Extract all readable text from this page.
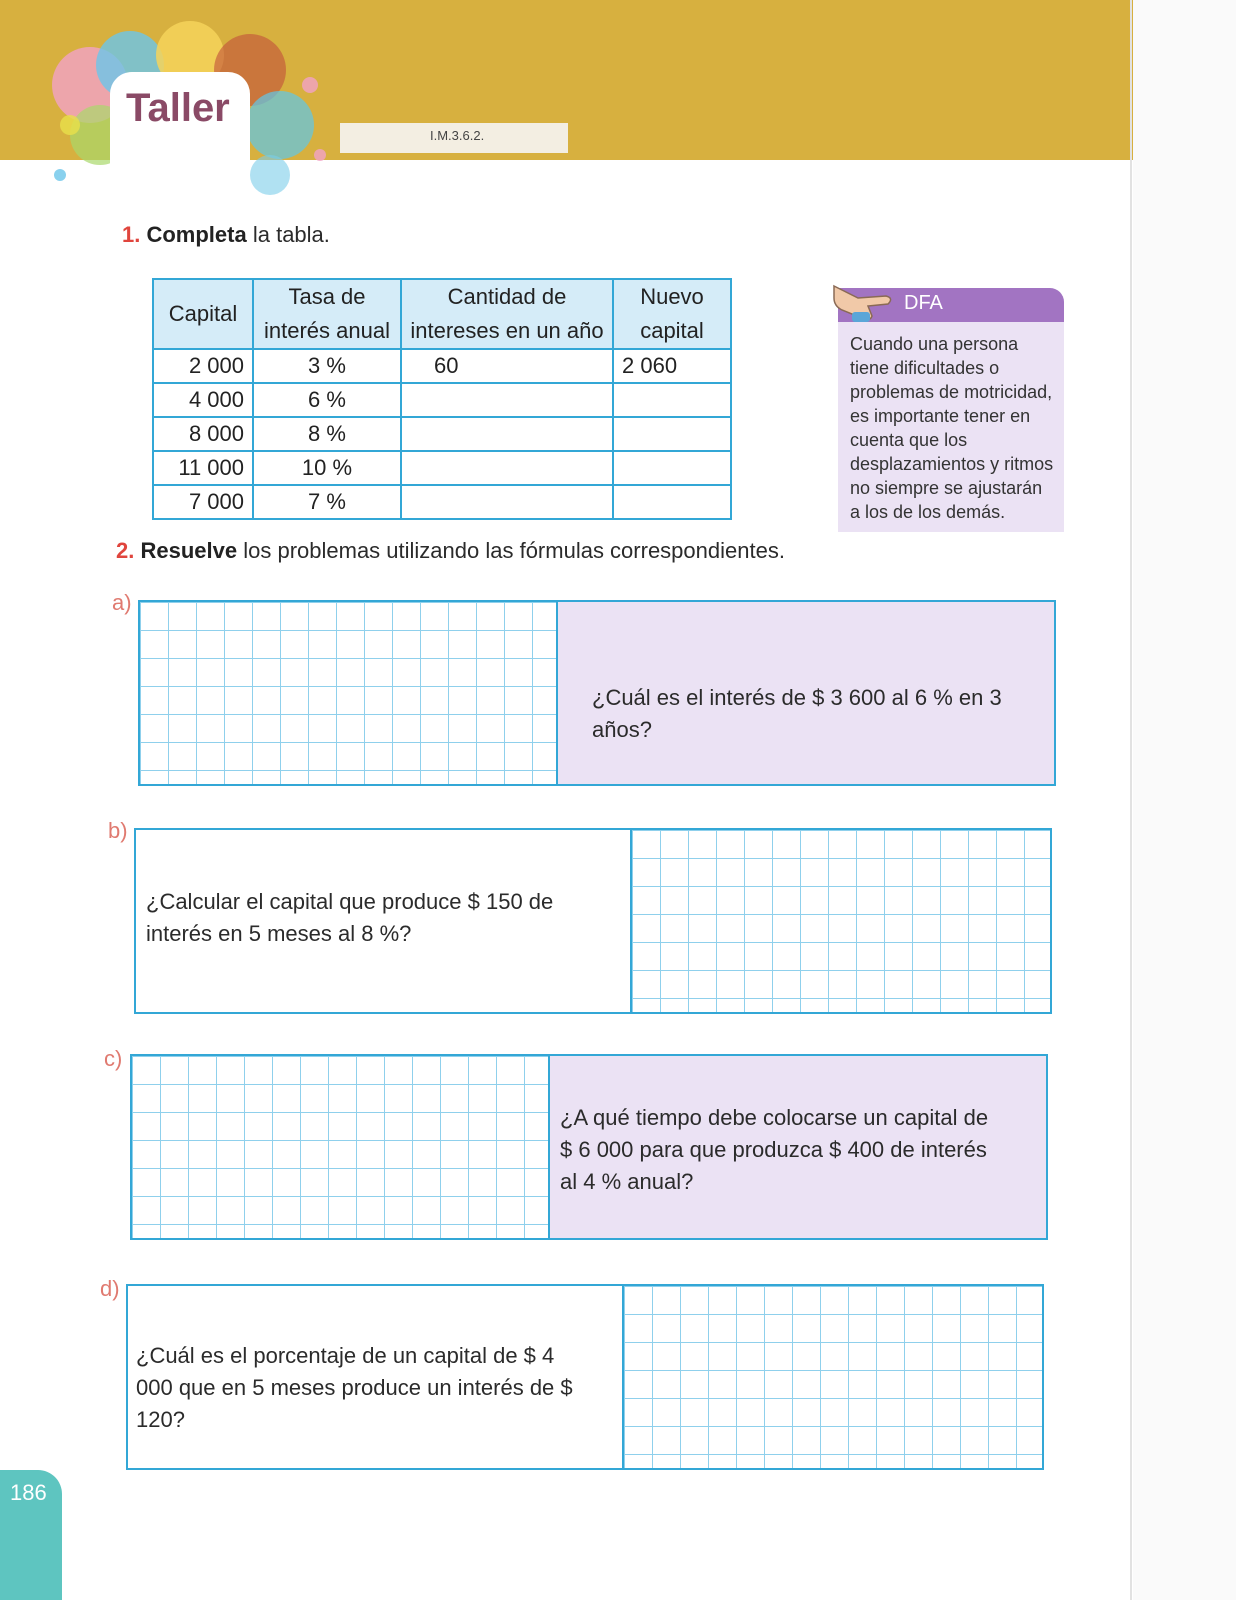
Taller
I.M.3.6.2.
1. Completa la tabla.
Capital	Tasa de interés anual	Cantidad de intereses en un año	Nuevo capital
2 000	3 %	60	2 060
4 000	6 %		
8 000	8 %		
11 000	10 %		
7 000	7 %		
DFA
Cuando una persona tiene dificultades o problemas de motricidad, es importante tener en cuenta que los desplazamientos y ritmos no siempre se ajustarán a los de los demás.
2. Resuelve los problemas utilizando las fórmulas correspondientes.
a)
¿Cuál es el interés de $ 3 600 al 6 % en 3 años?
b)
¿Calcular el capital que produce $ 150 de interés en 5 meses al 8 %?
c)
¿A qué tiempo debe colocarse un capital de $ 6 000 para que produzca $ 400 de interés al 4 % anual?
d)
¿Cuál es el porcentaje de un capital de $ 4 000 que en 5 meses produce un interés de $ 120?
186
